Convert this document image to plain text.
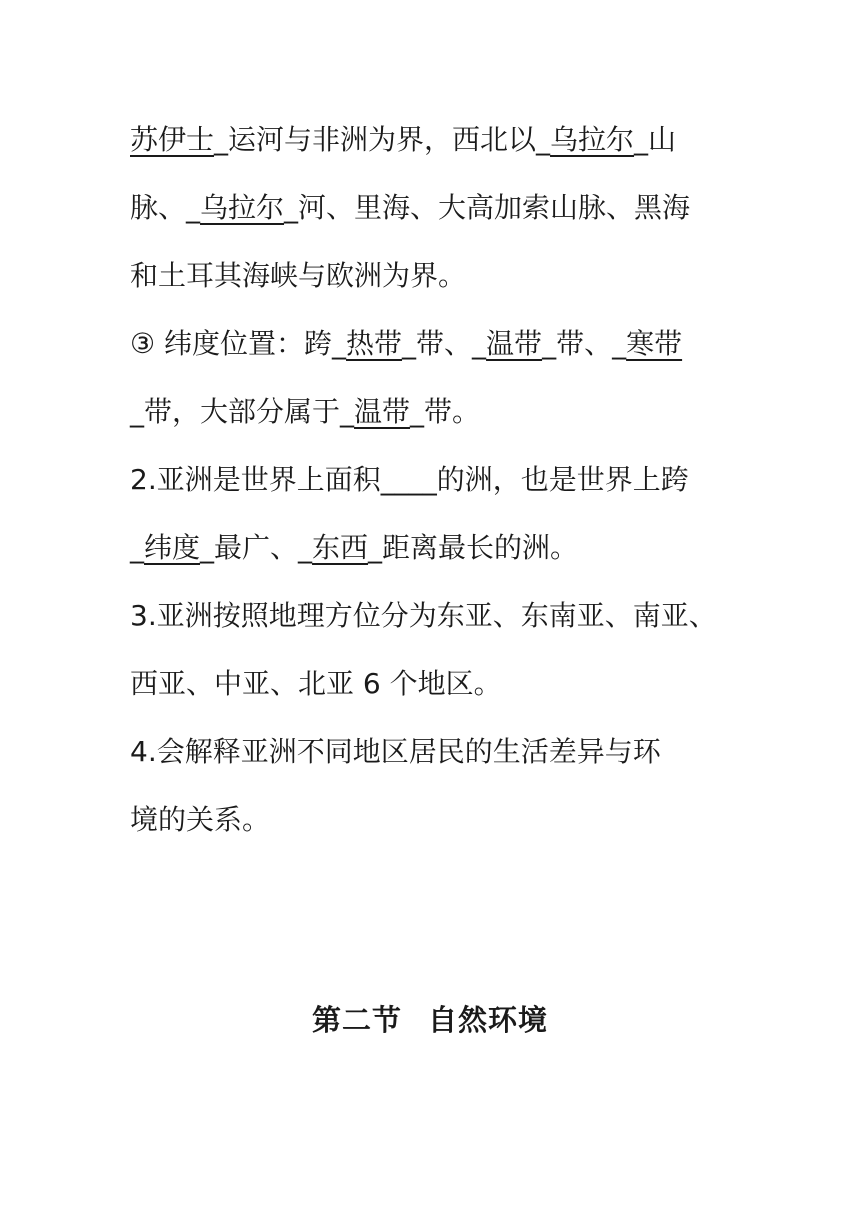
苏伊士_运河与非洲为界，西北以_乌拉尔_山
脉、_乌拉尔_河、里海、大高加索山脉、黑海
和土耳其海峡与欧洲为界。
③ 纬度位置：跨_热带_带、_温带_带、_寒带
_带，大部分属于_温带_带。
2.亚洲是世界上面积____的洲，也是世界上跨
_纬度_最广、_东西_距离最长的洲。
3.亚洲按照地理方位分为东亚、东南亚、南亚、
西亚、中亚、北亚 6 个地区。
4.会解释亚洲不同地区居民的生活差异与环
境的关系。
第二节 自然环境
